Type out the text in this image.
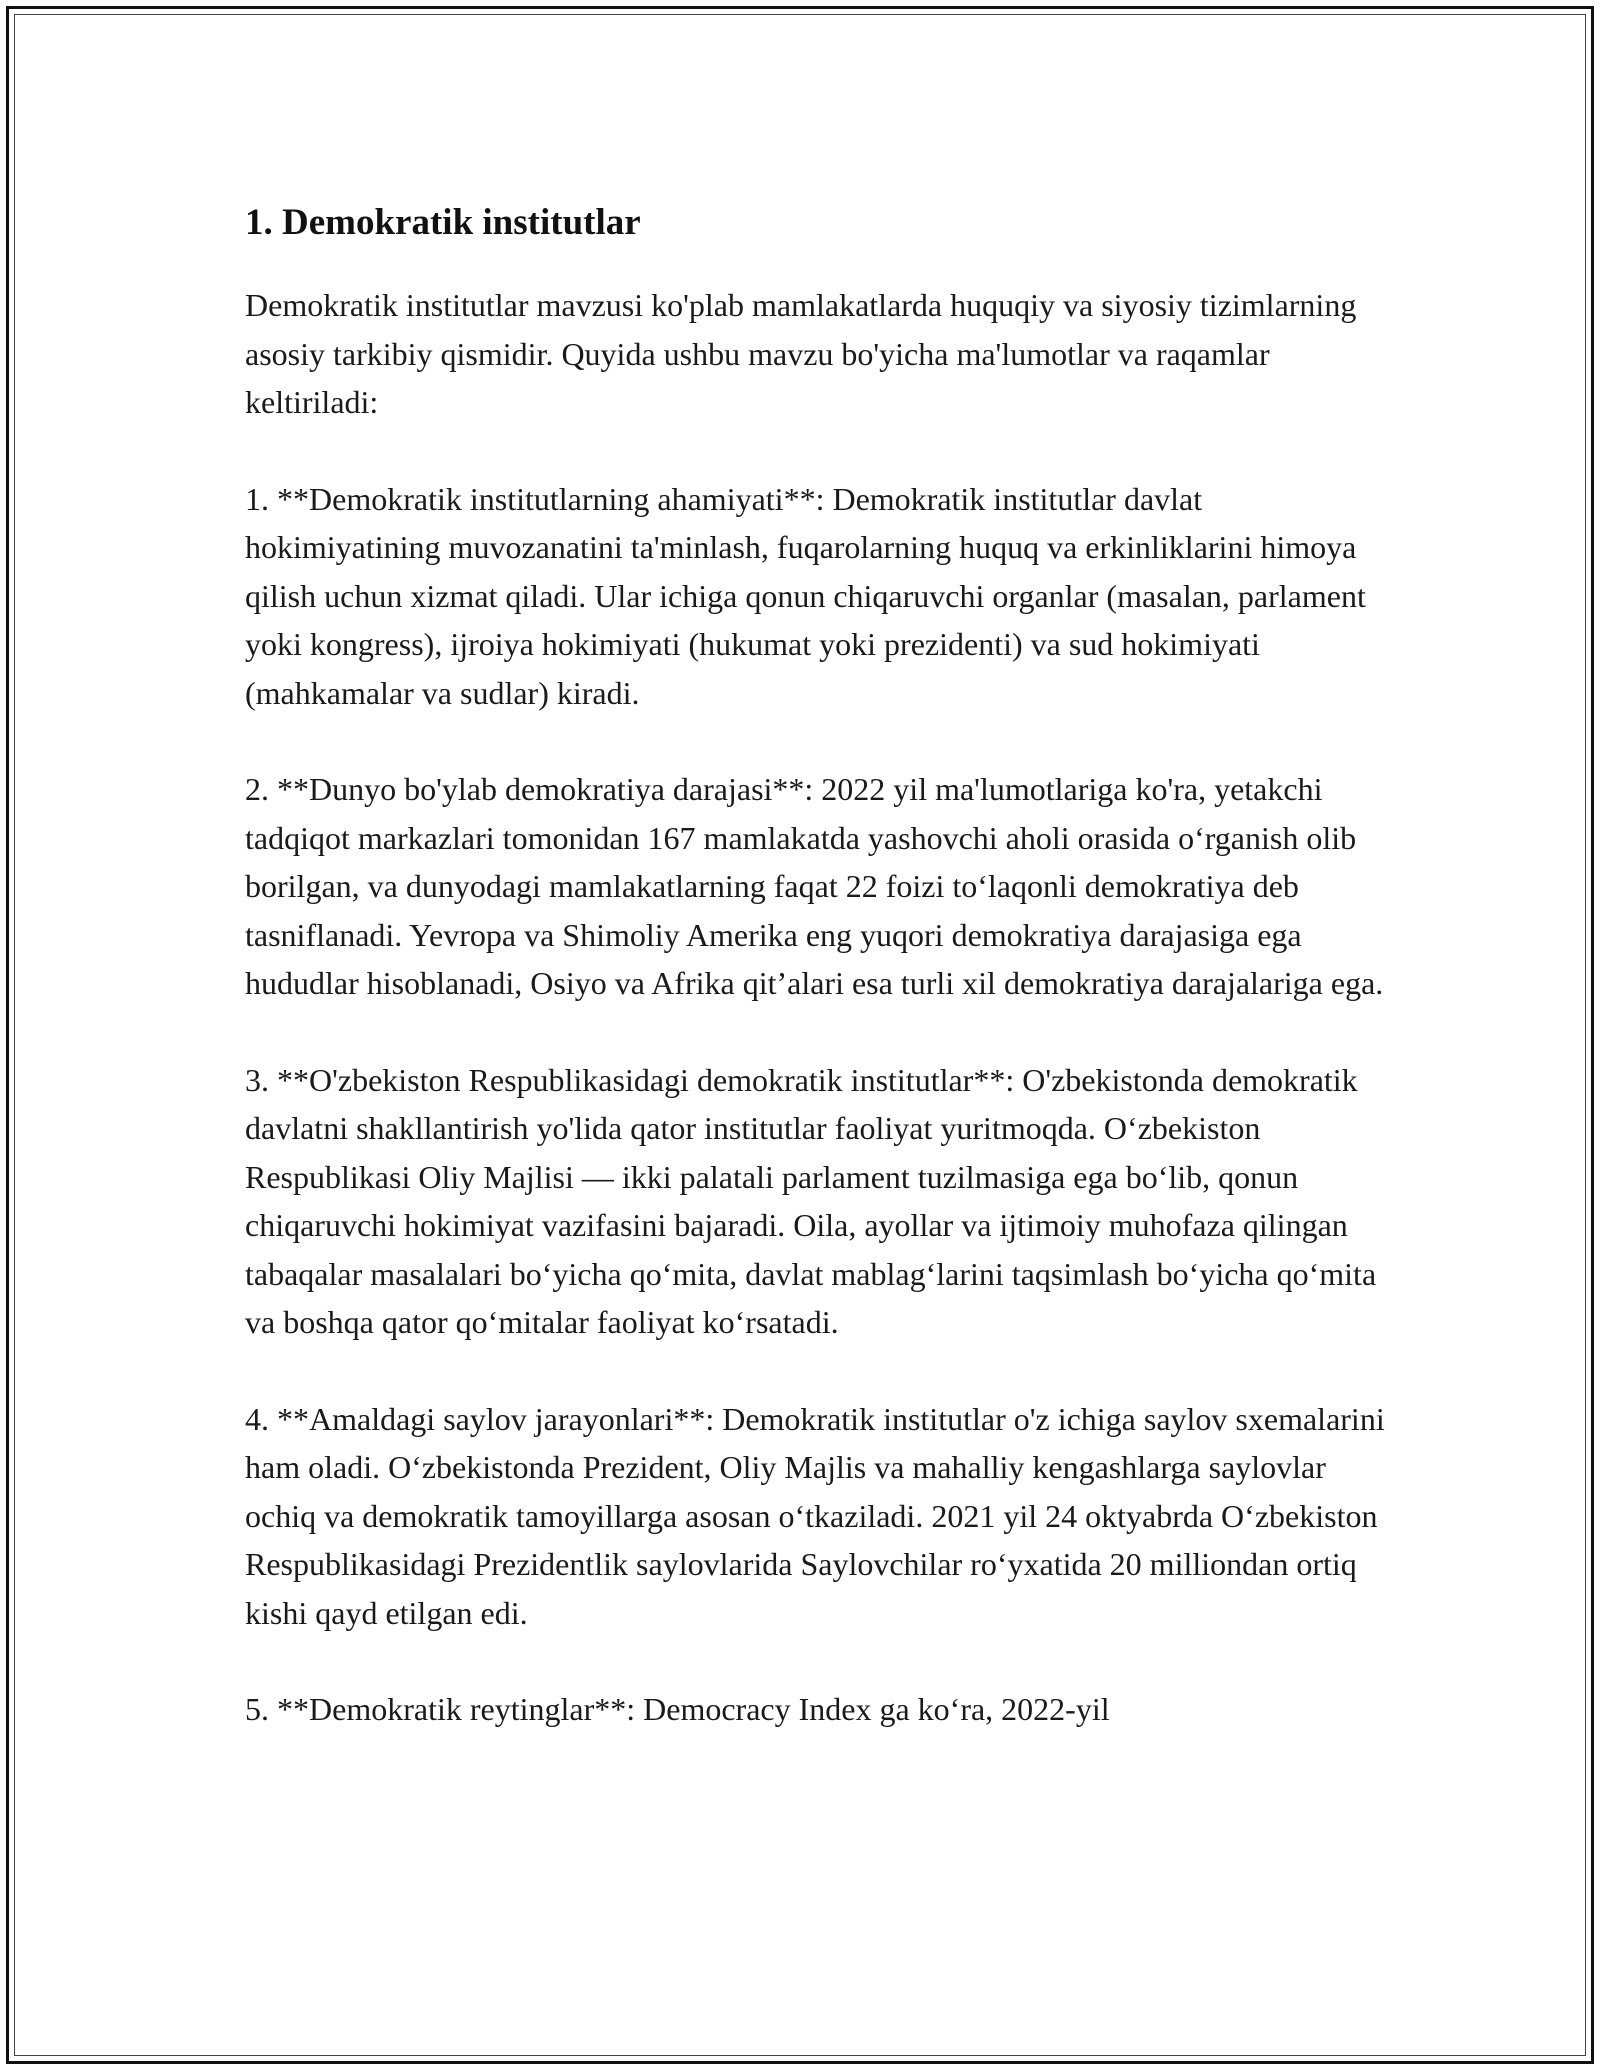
1. Demokratik institutlar

Demokratik institutlar mavzusi ko'plab mamlakatlarda huquqiy va siyosiy tizimlarning asosiy tarkibiy qismidir. Quyida ushbu mavzu bo'yicha ma'lumotlar va raqamlar keltiriladi:

1. **Demokratik institutlarning ahamiyati**: Demokratik institutlar davlat hokimiyatining muvozanatini ta'minlash, fuqarolarning huquq va erkinliklarini himoya qilish uchun xizmat qiladi. Ular ichiga qonun chiqaruvchi organlar (masalan, parlament yoki kongress), ijroiya hokimiyati (hukumat yoki prezidenti) va sud hokimiyati (mahkamalar va sudlar) kiradi.

2. **Dunyo bo'ylab demokratiya darajasi**: 2022 yil ma'lumotlariga ko'ra, yetakchi tadqiqot markazlari tomonidan 167 mamlakatda yashovchi aholi orasida o‘rganish olib borilgan, va dunyodagi mamlakatlarning faqat 22 foizi to‘laqonli demokratiya deb tasniflanadi. Yevropa va Shimoliy Amerika eng yuqori demokratiya darajasiga ega hududlar hisoblanadi, Osiyo va Afrika qit’alari esa turli xil demokratiya darajalariga ega.

3. **O'zbekiston Respublikasidagi demokratik institutlar**: O'zbekistonda demokratik davlatni shakllantirish yo'lida qator institutlar faoliyat yuritmoqda. O‘zbekiston Respublikasi Oliy Majlisi — ikki palatali parlament tuzilmasiga ega bo‘lib, qonun chiqaruvchi hokimiyat vazifasini bajaradi. Oila, ayollar va ijtimoiy muhofaza qilingan tabaqalar masalalari bo‘yicha qo‘mita, davlat mablag‘larini taqsimlash bo‘yicha qo‘mita va boshqa qator qo‘mitalar faoliyat ko‘rsatadi.

4. **Amaldagi saylov jarayonlari**: Demokratik institutlar o'z ichiga saylov sxemalarini ham oladi. O‘zbekistonda Prezident, Oliy Majlis va mahalliy kengashlarga saylovlar ochiq va demokratik tamoyillarga asosan o‘tkaziladi. 2021 yil 24 oktyabrda O‘zbekiston Respublikasidagi Prezidentlik saylovlarida Saylovchilar ro‘yxatida 20 milliondan ortiq kishi qayd etilgan edi.

5. **Demokratik reytinglar**: Democracy Index ga ko‘ra, 2022-yil
